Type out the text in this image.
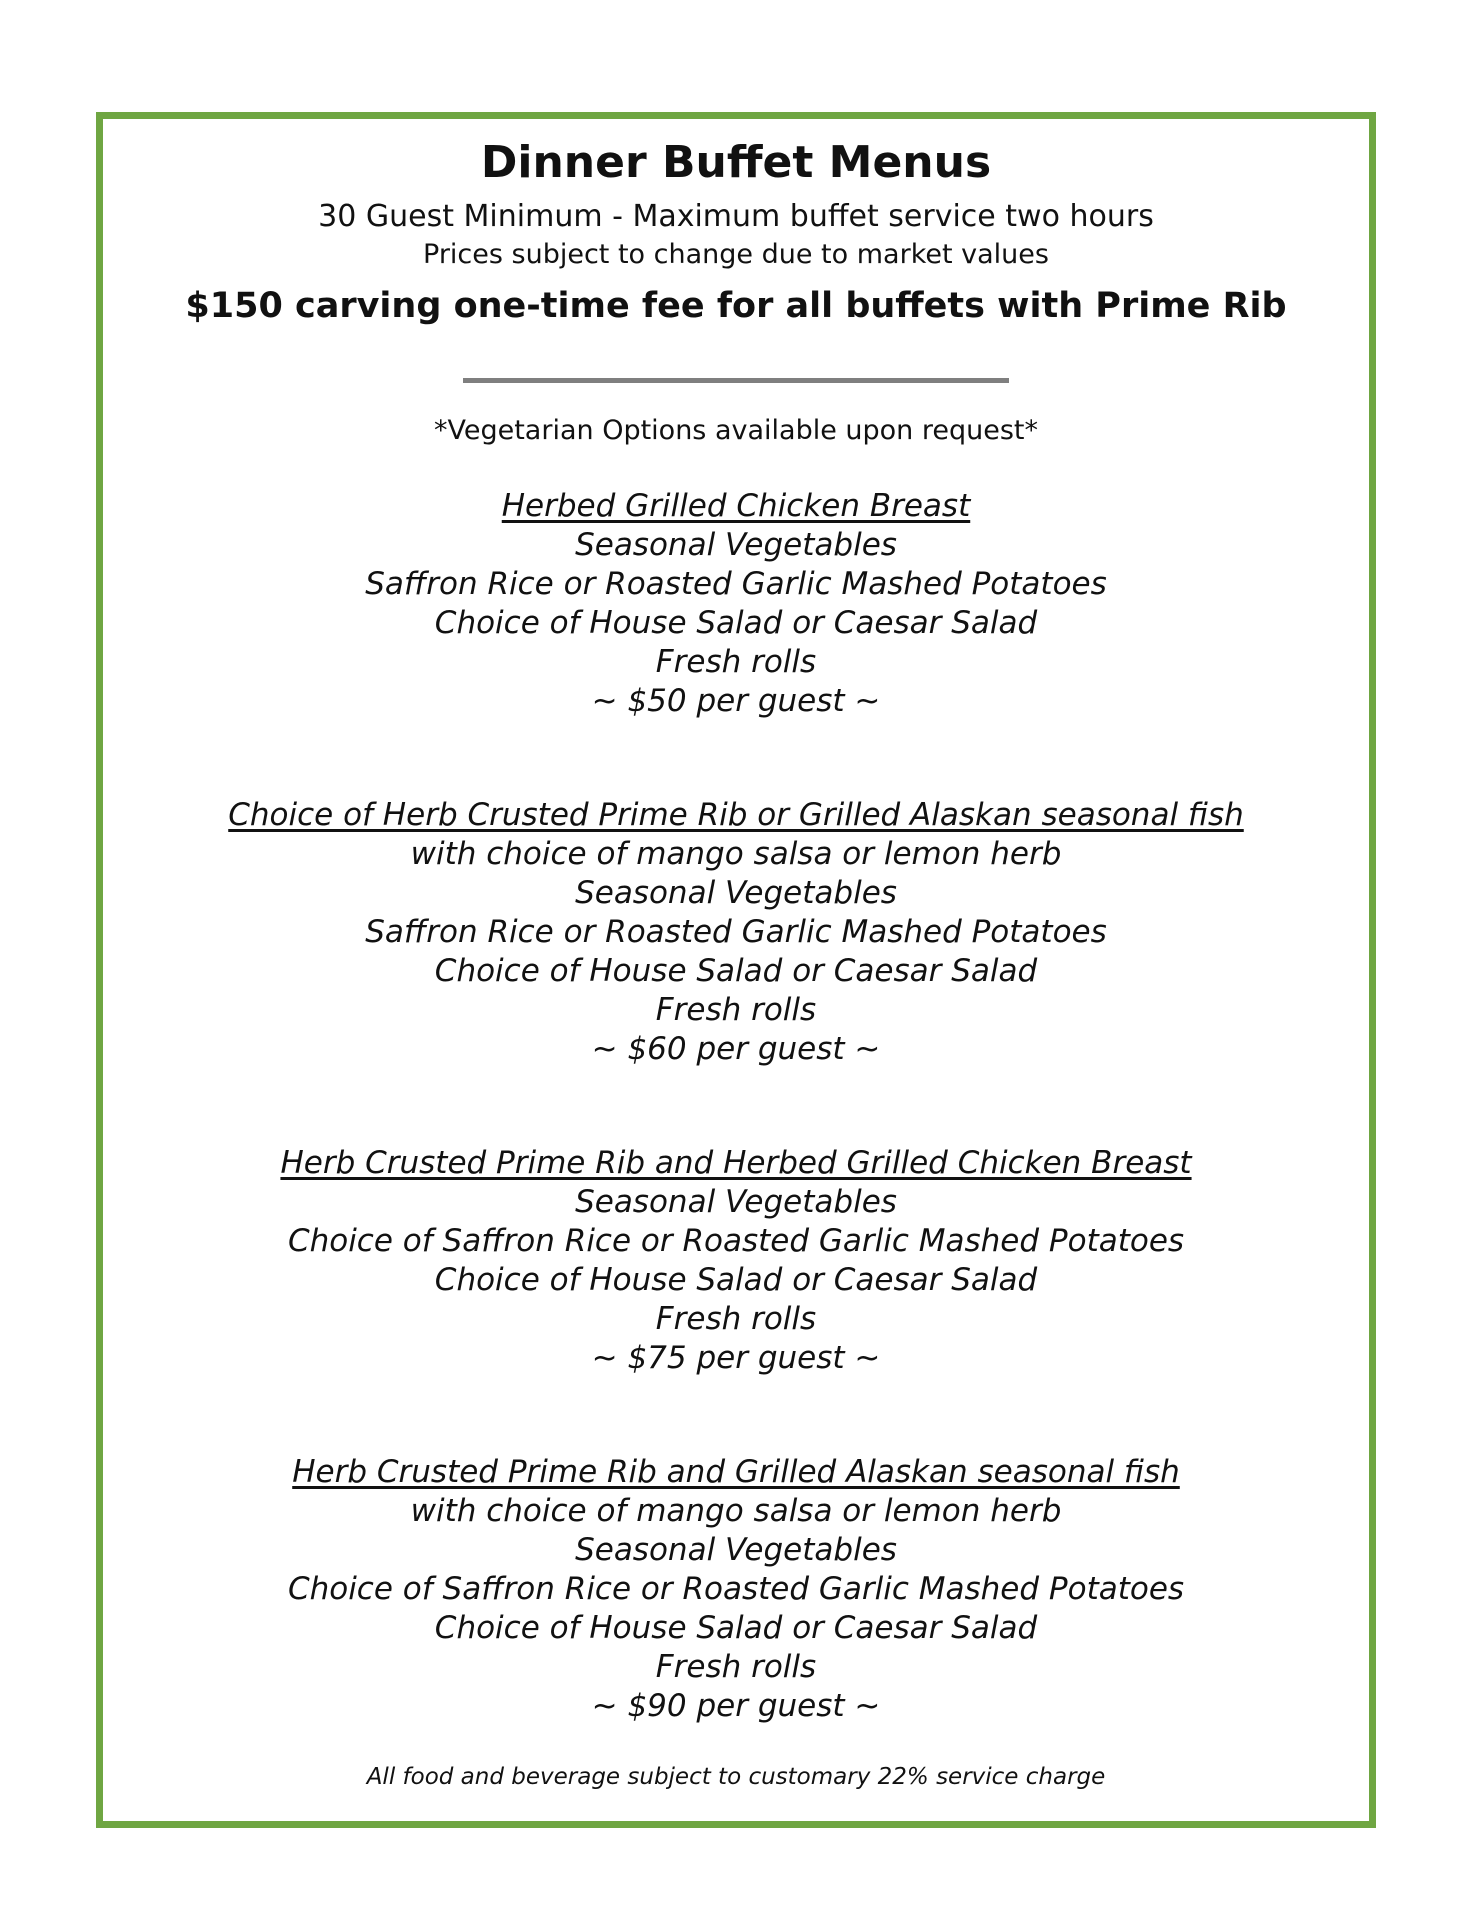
Dinner Buffet Menus
30 Guest Minimum - Maximum buffet service two hours
Prices subject to change due to market values
$150 carving one-time fee for all buffets with Prime Rib
*Vegetarian Options available upon request*
Herbed Grilled Chicken Breast
Seasonal Vegetables
Saffron Rice or Roasted Garlic Mashed Potatoes
Choice of House Salad or Caesar Salad
Fresh rolls
~ $50 per guest ~
Choice of Herb Crusted Prime Rib or Grilled Alaskan seasonal fish
with choice of mango salsa or lemon herb
Seasonal Vegetables
Saffron Rice or Roasted Garlic Mashed Potatoes
Choice of House Salad or Caesar Salad
Fresh rolls
~ $60 per guest ~
Herb Crusted Prime Rib and Herbed Grilled Chicken Breast
Seasonal Vegetables
Choice of Saffron Rice or Roasted Garlic Mashed Potatoes
Choice of House Salad or Caesar Salad
Fresh rolls
~ $75 per guest ~
Herb Crusted Prime Rib and Grilled Alaskan seasonal fish
with choice of mango salsa or lemon herb
Seasonal Vegetables
Choice of Saffron Rice or Roasted Garlic Mashed Potatoes
Choice of House Salad or Caesar Salad
Fresh rolls
~ $90 per guest ~
All food and beverage subject to customary 22% service charge
